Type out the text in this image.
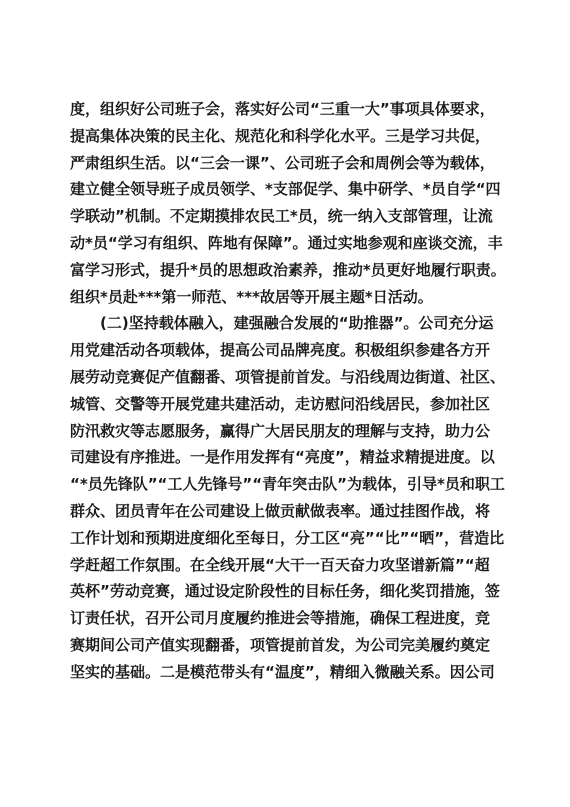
度，组织好公司班子会，落实好公司“三重一大”事项具体要求，
提高集体决策的民主化、规范化和科学化水平。三是学习共促，
严肃组织生活。以“三会一课”、公司班子会和周例会等为载体，
建立健全领导班子成员领学、*支部促学、集中研学、*员自学“四
学联动”机制。不定期摸排农民工*员，统一纳入支部管理，让流
动*员“学习有组织、阵地有保障”。通过实地参观和座谈交流，丰
富学习形式，提升*员的思想政治素养，推动*员更好地履行职责。
组织*员赴***第一师范、***故居等开展主题*日活动。
(二)坚持载体融入，建强融合发展的“助推器”。公司充分运
用党建活动各项载体，提高公司品牌亮度。积极组织参建各方开
展劳动竞赛促产值翻番、项管提前首发。与沿线周边街道、社区、
城管、交警等开展党建共建活动，走访慰问沿线居民，参加社区
防汛救灾等志愿服务，赢得广大居民朋友的理解与支持，助力公
司建设有序推进。一是作用发挥有“亮度”，精益求精提进度。以
“*员先锋队”“工人先锋号”“青年突击队”为载体，引导*员和职工
群众、团员青年在公司建设上做贡献做表率。通过挂图作战，将
工作计划和预期进度细化至每日，分工区“亮”“比”“晒”，营造比
学赶超工作氛围。在全线开展“大干一百天奋力攻坚谱新篇”“超
英杯”劳动竞赛，通过设定阶段性的目标任务，细化奖罚措施，签
订责任状，召开公司月度履约推进会等措施，确保工程进度，竞
赛期间公司产值实现翻番，项管提前首发，为公司完美履约奠定
坚实的基础。二是模范带头有“温度”，精细入微融关系。因公司
